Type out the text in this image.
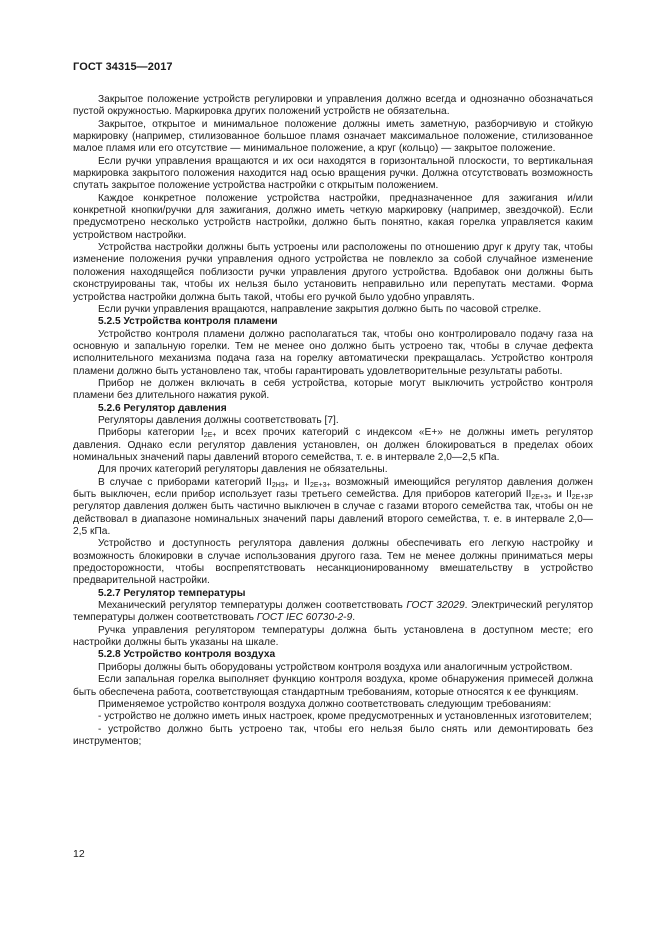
ГОСТ 34315—2017

Закрытое положение устройств регулировки и управления должно всегда и однозначно обозначаться пустой окружностью. Маркировка других положений устройств не обязательна.

Закрытое, открытое и минимальное положение должны иметь заметную, разборчивую и стойкую маркировку (например, стилизованное большое пламя означает максимальное положение, стилизованное малое пламя или его отсутствие — минимальное положение, а круг (кольцо) — закрытое положение.

Если ручки управления вращаются и их оси находятся в горизонтальной плоскости, то вертикальная маркировка закрытого положения находится над осью вращения ручки. Должна отсутствовать возможность спутать закрытое положение устройства настройки с открытым положением.

Каждое конкретное положение устройства настройки, предназначенное для зажигания и/или конкретной кнопки/ручки для зажигания, должно иметь четкую маркировку (например, звездочкой). Если предусмотрено несколько устройств настройки, должно быть понятно, какая горелка управляется каким устройством настройки.

Устройства настройки должны быть устроены или расположены по отношению друг к другу так, чтобы изменение положения ручки управления одного устройства не повлекло за собой случайное изменение положения находящейся поблизости ручки управления другого устройства. Вдобавок они должны быть сконструированы так, чтобы их нельзя было установить неправильно или перепутать местами. Форма устройства настройки должна быть такой, чтобы его ручкой было удобно управлять.

Если ручки управления вращаются, направление закрытия должно быть по часовой стрелке.

5.2.5 Устройства контроля пламени

Устройство контроля пламени должно располагаться так, чтобы оно контролировало подачу газа на основную и запальную горелки. Тем не менее оно должно быть устроено так, чтобы в случае дефекта исполнительного механизма подача газа на горелку автоматически прекращалась. Устройство контроля пламени должно быть установлено так, чтобы гарантировать удовлетворительные результаты работы.

Прибор не должен включать в себя устройства, которые могут выключить устройство контроля пламени без длительного нажатия рукой.

5.2.6 Регулятор давления

Регуляторы давления должны соответствовать [7].

Приборы категории $I_{2E+}$ и всех прочих категорий с индексом «E+» не должны иметь регулятор давления. Однако если регулятор давления установлен, он должен блокироваться в пределах обоих номинальных значений пары давлений второго семейства, т. е. в интервале 2,0—2,5 кПа.

Для прочих категорий регуляторы давления не обязательны.

В случае с приборами категорий $II_{2H3+}$ и $II_{2E+3+}$ возможный имеющийся регулятор давления должен быть выключен, если прибор использует газы третьего семейства. Для приборов категорий $II_{2E+3+}$ и $II_{2E+3P}$ регулятор давления должен быть частично выключен в случае с газами второго семейства так, чтобы он не действовал в диапазоне номинальных значений пары давлений второго семейства, т. е. в интервале 2,0—2,5 кПа.

Устройство и доступность регулятора давления должны обеспечивать его легкую настройку и возможность блокировки в случае использования другого газа. Тем не менее должны приниматься меры предосторожности, чтобы воспрепятствовать несанкционированному вмешательству в устройство предварительной настройки.

5.2.7 Регулятор температуры

Механический регулятор температуры должен соответствовать ГОСТ 32029. Электрический регулятор температуры должен соответствовать ГОСТ IEC 60730-2-9.

Ручка управления регулятором температуры должна быть установлена в доступном месте; его настройки должны быть указаны на шкале.

5.2.8 Устройство контроля воздуха

Приборы должны быть оборудованы устройством контроля воздуха или аналогичным устройством.

Если запальная горелка выполняет функцию контроля воздуха, кроме обнаружения примесей должна быть обеспечена работа, соответствующая стандартным требованиям, которые относятся к ее функциям.

Применяемое устройство контроля воздуха должно соответствовать следующим требованиям:

- устройство не должно иметь иных настроек, кроме предусмотренных и установленных изготовителем;

- устройство должно быть устроено так, чтобы его нельзя было снять или демонтировать без инструментов;

12
